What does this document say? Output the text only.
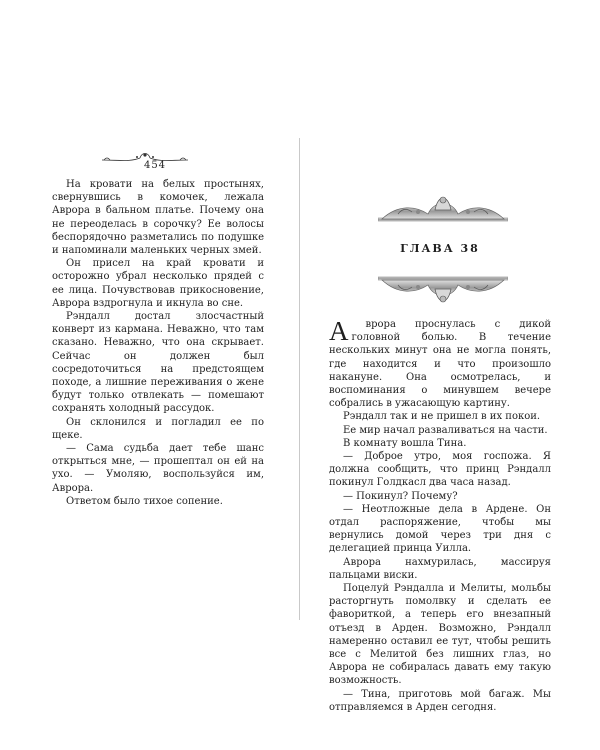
454

На кровати на белых простынях, свернувшись в комочек, лежала Аврора в бальном платье. Почему она не переоделась в сорочку? Ее волосы беспорядочно разметались по подушке и напоминали маленьких черных змей.

Он присел на край кровати и осторожно убрал несколько прядей с ее лица. Почувствовав прикосновение, Аврора вздрогнула и икнула во сне.

Рэндалл достал злосчастный конверт из кармана. Неважно, что там сказано. Неважно, что она скрывает. Сейчас он должен был сосредоточиться на предстоящем походе, а лишние переживания о жене будут только отвлекать — помешают сохранять холодный рассудок.

Он склонился и погладил ее по щеке.

— Сама судьба дает тебе шанс открыться мне, — прошептал он ей на ухо. — Умоляю, воспользуйся им, Аврора.

Ответом было тихое сопение.

ГЛАВА 38

А врора проснулась с дикой головной болью. В течение нескольких минут она не могла понять, где находится и что произошло накануне. Она осмотрелась, и воспоминания о минувшем вечере собрались в ужасающую картину.

Рэндалл так и не пришел в их покои.

Ее мир начал разваливаться на части.

В комнату вошла Тина.

— Доброе утро, моя госпожа. Я должна сообщить, что принц Рэндалл покинул Голдкасл два часа назад.

— Покинул? Почему?

— Неотложные дела в Ардене. Он отдал распоряжение, чтобы мы вернулись домой через три дня с делегацией принца Уилла.

Аврора нахмурилась, массируя пальцами виски.

Поцелуй Рэндалла и Мелиты, мольбы расторгнуть помолвку и сделать ее фавориткой, а теперь его внезапный отъезд в Арден. Возможно, Рэндалл намеренно оставил ее тут, чтобы решить все с Мелитой без лишних глаз, но Аврора не собиралась давать ему такую возможность.

— Тина, приготовь мой багаж. Мы отправляемся в Арден сегодня.
